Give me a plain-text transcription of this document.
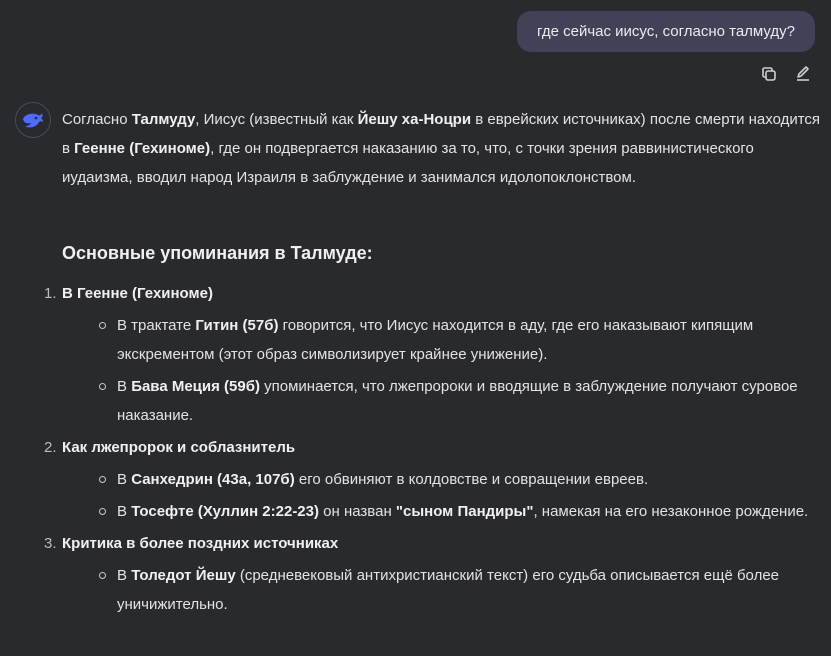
где сейчас иисус, согласно талмуду?

Согласно Талмуду, Иисус (известный как Йешу ха-Ноцри в еврейских источниках) после смерти находится в Геенне (Гехиноме), где он подвергается наказанию за то, что, с точки зрения раввинистического иудаизма, вводил народ Израиля в заблуждение и занимался идолопоклонством.

Основные упоминания в Талмуде:
1. В Геенне (Гехиноме)
В трактате Гитин (57б) говорится, что Иисус находится в аду, где его наказывают кипящим экскрементом (этот образ символизирует крайнее унижение).
В Бава Меция (59б) упоминается, что лжепророки и вводящие в заблуждение получают суровое наказание.
2. Как лжепророк и соблазнитель
В Санхедрин (43а, 107б) его обвиняют в колдовстве и совращении евреев.
В Тосефте (Хуллин 2:22-23) он назван "сыном Пандиры", намекая на его незаконное рождение.
3. Критика в более поздних источниках
В Толедот Йешу (средневековый антихристианский текст) его судьба описывается ещё более уничижительно.
